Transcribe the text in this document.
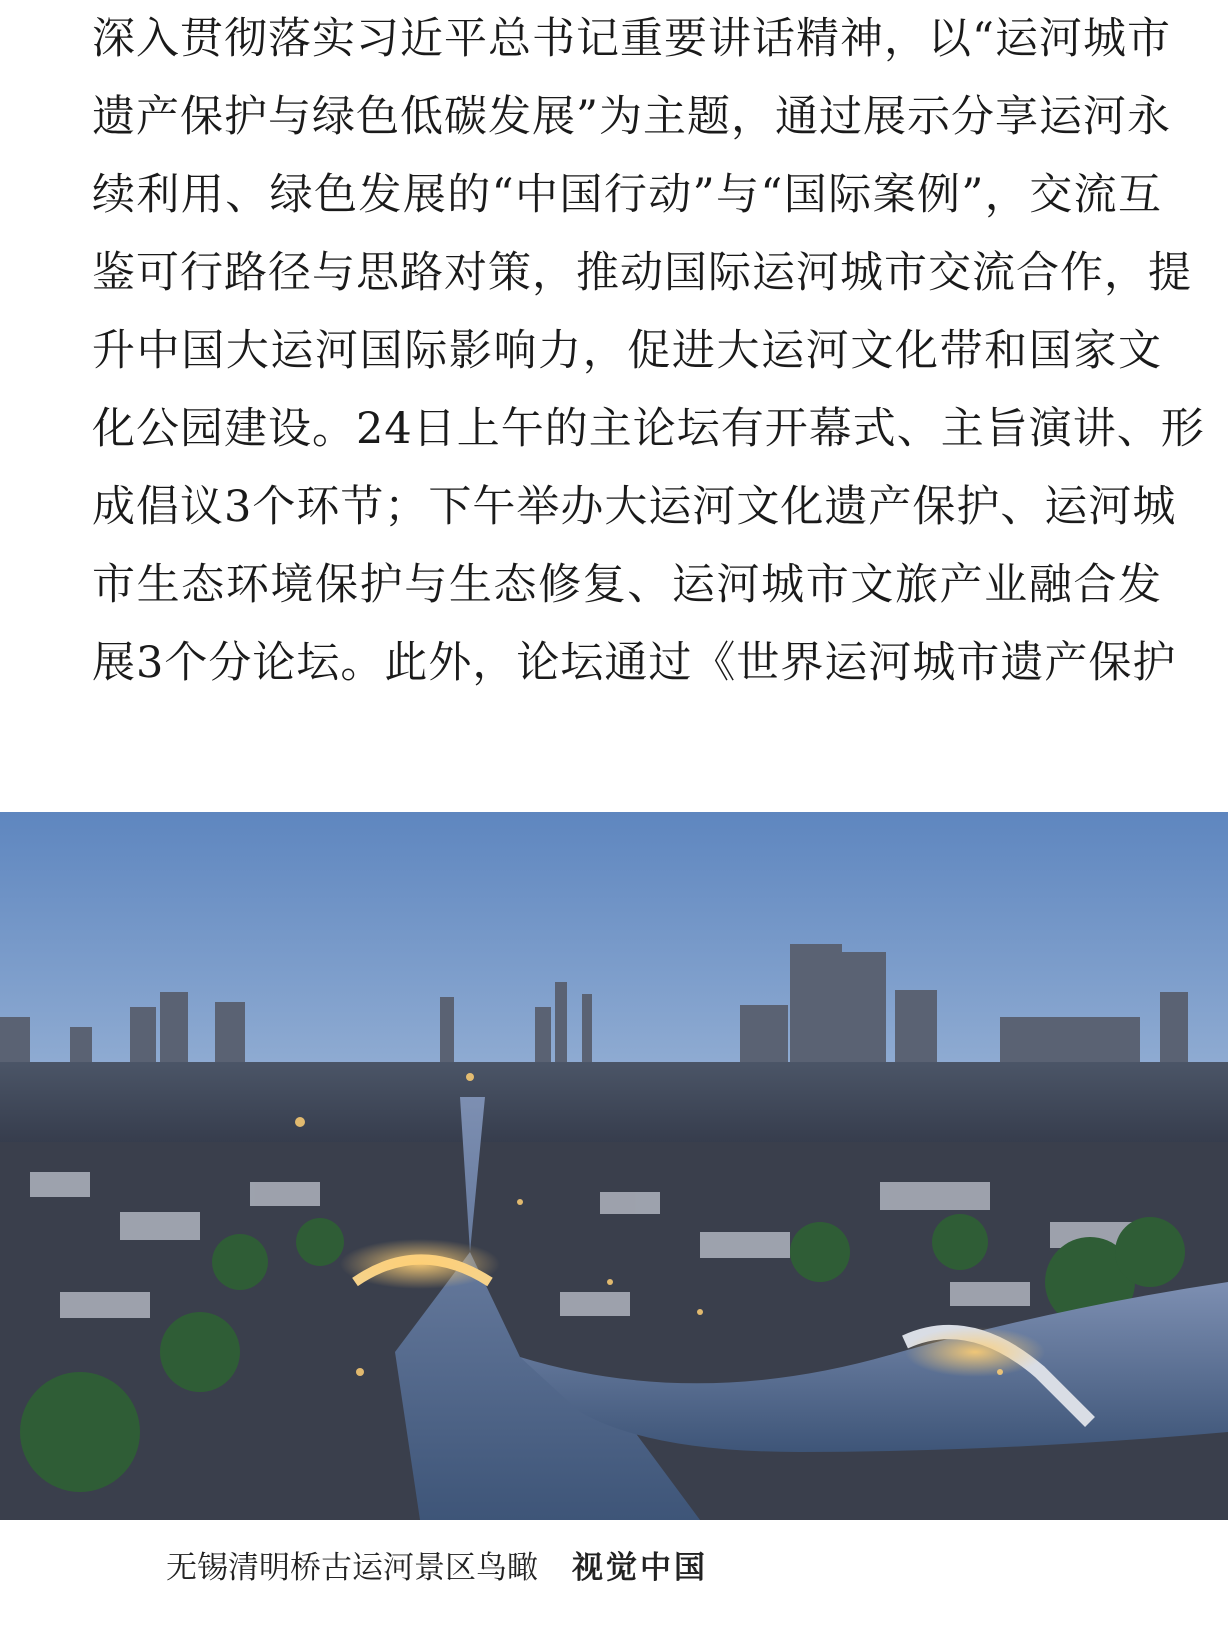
深入贯彻落实习近平总书记重要讲话精神，以“运河城市
遗产保护与绿色低碳发展”为主题，通过展示分享运河永
续利用、绿色发展的“中国行动”与“国际案例”，交流互
鉴可行路径与思路对策，推动国际运河城市交流合作，提
升中国大运河国际影响力，促进大运河文化带和国家文
化公园建设。24日上午的主论坛有开幕式、主旨演讲、形
成倡议3个环节；下午举办大运河文化遗产保护、运河城
市生态环境保护与生态修复、运河城市文旅产业融合发
展3个分论坛。此外，论坛通过《世界运河城市遗产保护
无锡清明桥古运河景区鸟瞰 视觉中国
